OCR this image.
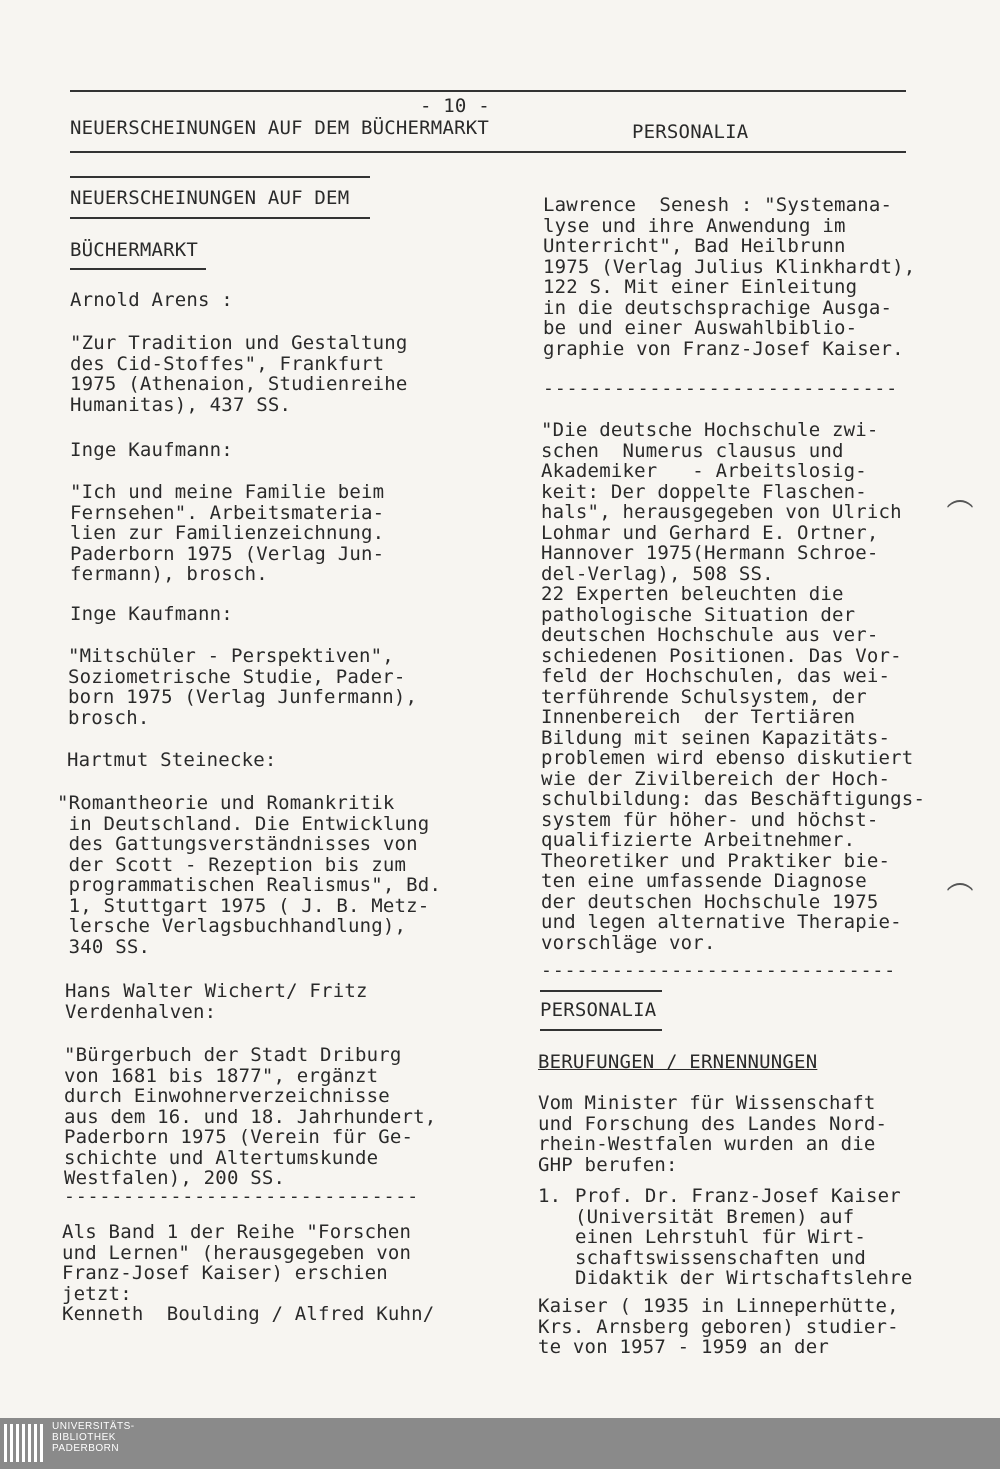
- 10 -
NEUERSCHEINUNGEN AUF DEM BÜCHERMARKT	PERSONALIA
NEUERSCHEINUNGEN AUF DEM
BÜCHERMARKT
Arnold Arens :
"Zur Tradition und Gestaltung
des Cid-Stoffes", Frankfurt
1975 (Athenaion, Studienreihe
Humanitas), 437 SS.
Inge Kaufmann:
"Ich und meine Familie beim
Fernsehen". Arbeitsmateria-
lien zur Familienzeichnung.
Paderborn 1975 (Verlag Jun-
fermann), brosch.
Inge Kaufmann:
"Mitschüler - Perspektiven",
Soziometrische Studie, Pader-
born 1975 (Verlag Junfermann),
brosch.
Hartmut Steinecke:
"Romantheorie und Romankritik
in Deutschland. Die Entwicklung
des Gattungsverständnisses von
der Scott - Rezeption bis zum
programmatischen Realismus", Bd.
1, Stuttgart 1975 ( J. B. Metz-
lersche Verlagsbuchhandlung),
340 SS.
Hans Walter Wichert/ Fritz
Verdenhalven:
"Bürgerbuch der Stadt Driburg
von 1681 bis 1877", ergänzt
durch Einwohnerverzeichnisse
aus dem 16. und 18. Jahrhundert,
Paderborn 1975 (Verein für Ge-
schichte und Altertumskunde
Westfalen), 200 SS.
------------------------------
Als Band 1 der Reihe "Forschen
und Lernen" (herausgegeben von
Franz-Josef Kaiser) erschien
jetzt:
Kenneth  Boulding / Alfred Kuhn/
Lawrence  Senesh : "Systemana-
lyse und ihre Anwendung im
Unterricht", Bad Heilbrunn
1975 (Verlag Julius Klinkhardt),
122 S. Mit einer Einleitung
in die deutschsprachige Ausga-
be und einer Auswahlbiblio-
graphie von Franz-Josef Kaiser.
------------------------------
"Die deutsche Hochschule zwi-
schen  Numerus clausus und
Akademiker   - Arbeitslosig-
keit: Der doppelte Flaschen-
hals", herausgegeben von Ulrich
Lohmar und Gerhard E. Ortner,
Hannover 1975(Hermann Schroe-
del-Verlag), 508 SS.
22 Experten beleuchten die
pathologische Situation der
deutschen Hochschule aus ver-
schiedenen Positionen. Das Vor-
feld der Hochschulen, das wei-
terführende Schulsystem, der
Innenbereich  der Tertiären
Bildung mit seinen Kapazitäts-
problemen wird ebenso diskutiert
wie der Zivilbereich der Hoch-
schulbildung: das Beschäftigungs-
system für höher- und höchst-
qualifizierte Arbeitnehmer.
Theoretiker und Praktiker bie-
ten eine umfassende Diagnose
der deutschen Hochschule 1975
und legen alternative Therapie-
vorschläge vor.
------------------------------
PERSONALIA
BERUFUNGEN / ERNENNUNGEN
Vom Minister für Wissenschaft
und Forschung des Landes Nord-
rhein-Westfalen wurden an die
GHP berufen:
1. Prof. Dr. Franz-Josef Kaiser
(Universität Bremen) auf
einen Lehrstuhl für Wirt-
schaftswissenschaften und
Didaktik der Wirtschaftslehre
Kaiser ( 1935 in Linneperhütte,
Krs. Arnsberg geboren) studier-
te von 1957 - 1959 an der
UNIVERSITÄTS-
BIBLIOTHEK
PADERBORN
